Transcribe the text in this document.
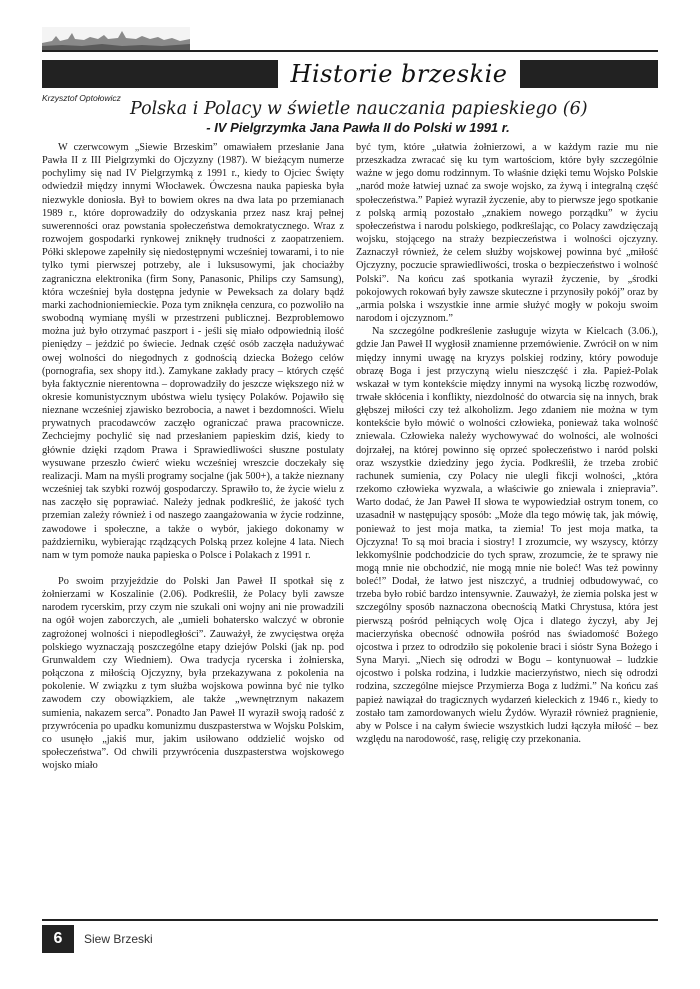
Historie brzeskie
Krzysztof Optołowicz
Polska i Polacy w świetle nauczania papieskiego (6)
- IV Pielgrzymka Jana Pawła II do Polski w 1991 r.

W czerwcowym „Siewie Brzeskim” omawiałem przesłanie Jana Pawła II z III Pielgrzymki do Ojczyzny (1987). W bieżącym numerze pochylimy się nad IV Pielgrzymką z 1991 r., kiedy to Ojciec Święty odwiedził między innymi Włocławek. Ówczesna nauka papieska była niezwykle doniosła. Był to bowiem okres na dwa lata po przemianach 1989 r., które doprowadziły do odzyskania przez nasz kraj pełnej suwerenności oraz powstania społeczeństwa demokratycznego. Wraz z rozwojem gospodarki rynkowej zniknęły trudności z zaopatrzeniem. Półki sklepowe zapełniły się niedostępnymi wcześniej towarami, i to nie tylko tymi pierwszej potrzeby, ale i luksusowymi, jak chociażby zagraniczna elektronika (firm Sony, Panasonic, Philips czy Samsung), która wcześniej była dostępna jedynie w Peweksach za dolary bądź marki zachodnioniemieckie. Poza tym zniknęła cenzura, co pozwoliło na swobodną wymianę myśli w przestrzeni publicznej. Bezproblemowo można już było otrzymać paszport i - jeśli się miało odpowiednią ilość pieniędzy – jeździć po świecie. Jednak część osób zaczęła nadużywać owej wolności do niegodnych z godnością dziecka Bożego celów (pornografia, sex shopy itd.). Zamykane zakłady pracy – których część była faktycznie nierentowna – doprowadziły do jeszcze większego niż w okresie komunistycznym ubóstwa wielu tysięcy Polaków. Pojawiło się nieznane wcześniej zjawisko bezrobocia, a nawet i bezdomności. Wielu prywatnych pracodawców zaczęło ograniczać prawa pracownicze. Zechciejmy pochylić się nad przesłaniem papieskim dziś, kiedy to głównie dzięki rządom Prawa i Sprawiedliwości słuszne postulaty wysuwane przeszło ćwierć wieku wcześniej wreszcie doczekały się realizacji. Mam na myśli programy socjalne (jak 500+), a także nieznany wcześniej tak szybki rozwój gospodarczy. Sprawiło to, że życie wielu z nas zaczęło się poprawiać. Należy jednak podkreślić, że jakość tych przemian zależy również i od naszego zaangażowania w życie rodzinne, zawodowe i społeczne, a także o wybór, jakiego dokonamy w październiku, wybierając rządzących Polską przez kolejne 4 lata. Niech nam w tym pomoże nauka papieska o Polsce i Polakach z 1991 r.

Po swoim przyjeździe do Polski Jan Paweł II spotkał się z żołnierzami w Koszalinie (2.06). Podkreślił, że Polacy byli zawsze narodem rycerskim, przy czym nie szukali oni wojny ani nie prowadzili na ogół wojen zaborczych, ale „umieli bohatersko walczyć w obronie zagrożonej wolności i niepodległości”. Zauważył, że zwycięstwa oręża polskiego wyznaczają poszczególne etapy dziejów Polski (jak np. pod Grunwaldem czy Wiedniem). Owa tradycja rycerska i żołnierska, połączona z miłością Ojczyzny, była przekazywana z pokolenia na pokolenie. W związku z tym służba wojskowa powinna być nie tylko zawodem czy obowiązkiem, ale także „wewnętrznym nakazem sumienia, nakazem serca”. Ponadto Jan Paweł II wyraził swoją radość z przywrócenia po upadku komunizmu duszpasterstwa w Wojsku Polskim, co usunęło „jakiś mur, jakim usiłowano oddzielić wojsko od społeczeństwa”. Od chwili przywrócenia duszpasterstwa wojskowego wojsko miało

być tym, które „ułatwia żołnierzowi, a w każdym razie mu nie przeszkadza zwracać się ku tym wartościom, które były szczególnie ważne w jego domu rodzinnym. To właśnie dzięki temu Wojsko Polskie „naród może łatwiej uznać za swoje wojsko, za żywą i integralną część społeczeństwa.” Papież wyraził życzenie, aby to pierwsze jego spotkanie z polską armią pozostało „znakiem nowego porządku” w życiu społeczeństwa i narodu polskiego, podkreślając, co Polacy zawdzięczają wojsku, stojącego na straży bezpieczeństwa i wolności ojczyzny. Zaznaczył również, że celem służby wojskowej powinna być „miłość Ojczyzny, poczucie sprawiedliwości, troska o bezpieczeństwo i wolność Polski”. Na końcu zaś spotkania wyraził życzenie, by „środki pokojowych rokowań były zawsze skuteczne i przynosiły pokój” oraz by „armia polska i wszystkie inne armie służyć mogły w pokoju swoim narodom i ojczyznom.”

Na szczególne podkreślenie zasługuje wizyta w Kielcach (3.06.), gdzie Jan Paweł II wygłosił znamienne przemówienie. Zwrócił on w nim między innymi uwagę na kryzys polskiej rodziny, który powoduje obrazę Boga i jest przyczyną wielu nieszczęść i zła. Papież-Polak wskazał w tym kontekście między innymi na wysoką liczbę rozwodów, trwałe skłócenia i konflikty, niezdolność do otwarcia się na innych, brak głębszej miłości czy też alkoholizm. Jego zdaniem nie można w tym kontekście było mówić o wolności człowieka, ponieważ taka wolność zniewala. Człowieka należy wychowywać do wolności, ale wolności dojrzałej, na której powinno się oprzeć społeczeństwo i naród polski oraz wszystkie dziedziny jego życia. Podkreślił, że trzeba zrobić rachunek sumienia, czy Polacy nie ulegli fikcji wolności, „która rzekomo człowieka wyzwala, a właściwie go zniewala i zniepravia”. Warto dodać, że Jan Paweł II słowa te wypowiedział ostrym tonem, co uzasadnił w następujący sposób: „Może dla tego mówię tak, jak mówię, ponieważ to jest moja matka, ta ziemia! To jest moja matka, ta Ojczyzna! To są moi bracia i siostry! I zrozumcie, wy wszyscy, którzy lekkomyślnie podchodzicie do tych spraw, zrozumcie, że te sprawy nie mogą mnie nie obchodzić, nie mogą mnie nie boleć! Was też powinny boleć!” Dodał, że łatwo jest niszczyć, a trudniej odbudowywać, co trzeba było robić bardzo intensywnie. Zauważył, że ziemia polska jest w szczególny sposób naznaczona obecnością Matki Chrystusa, która jest pierwszą pośród pełniących wolę Ojca i dlatego życzył, aby Jej macierzyńska obecność odnowiła pośród nas świadomość Bożego ojcostwa i przez to odrodziło się pokolenie braci i sióstr Syna Bożego i Syna Maryi. „Niech się odrodzi w Bogu – kontynuował – ludzkie ojcostwo i polska rodzina, i ludzkie macierzyństwo, niech się odrodzi rodzina, szczególne miejsce Przymierza Boga z ludźmi.” Na końcu zaś papież nawiązał do tragicznych wydarzeń kieleckich z 1946 r., kiedy to zostało tam zamordowanych wielu Żydów. Wyraził również pragnienie, aby w Polsce i na całym świecie wszystkich ludzi łączyła miłość – bez względu na narodowość, rasę, religię czy przekonania.

6	Siew Brzeski
